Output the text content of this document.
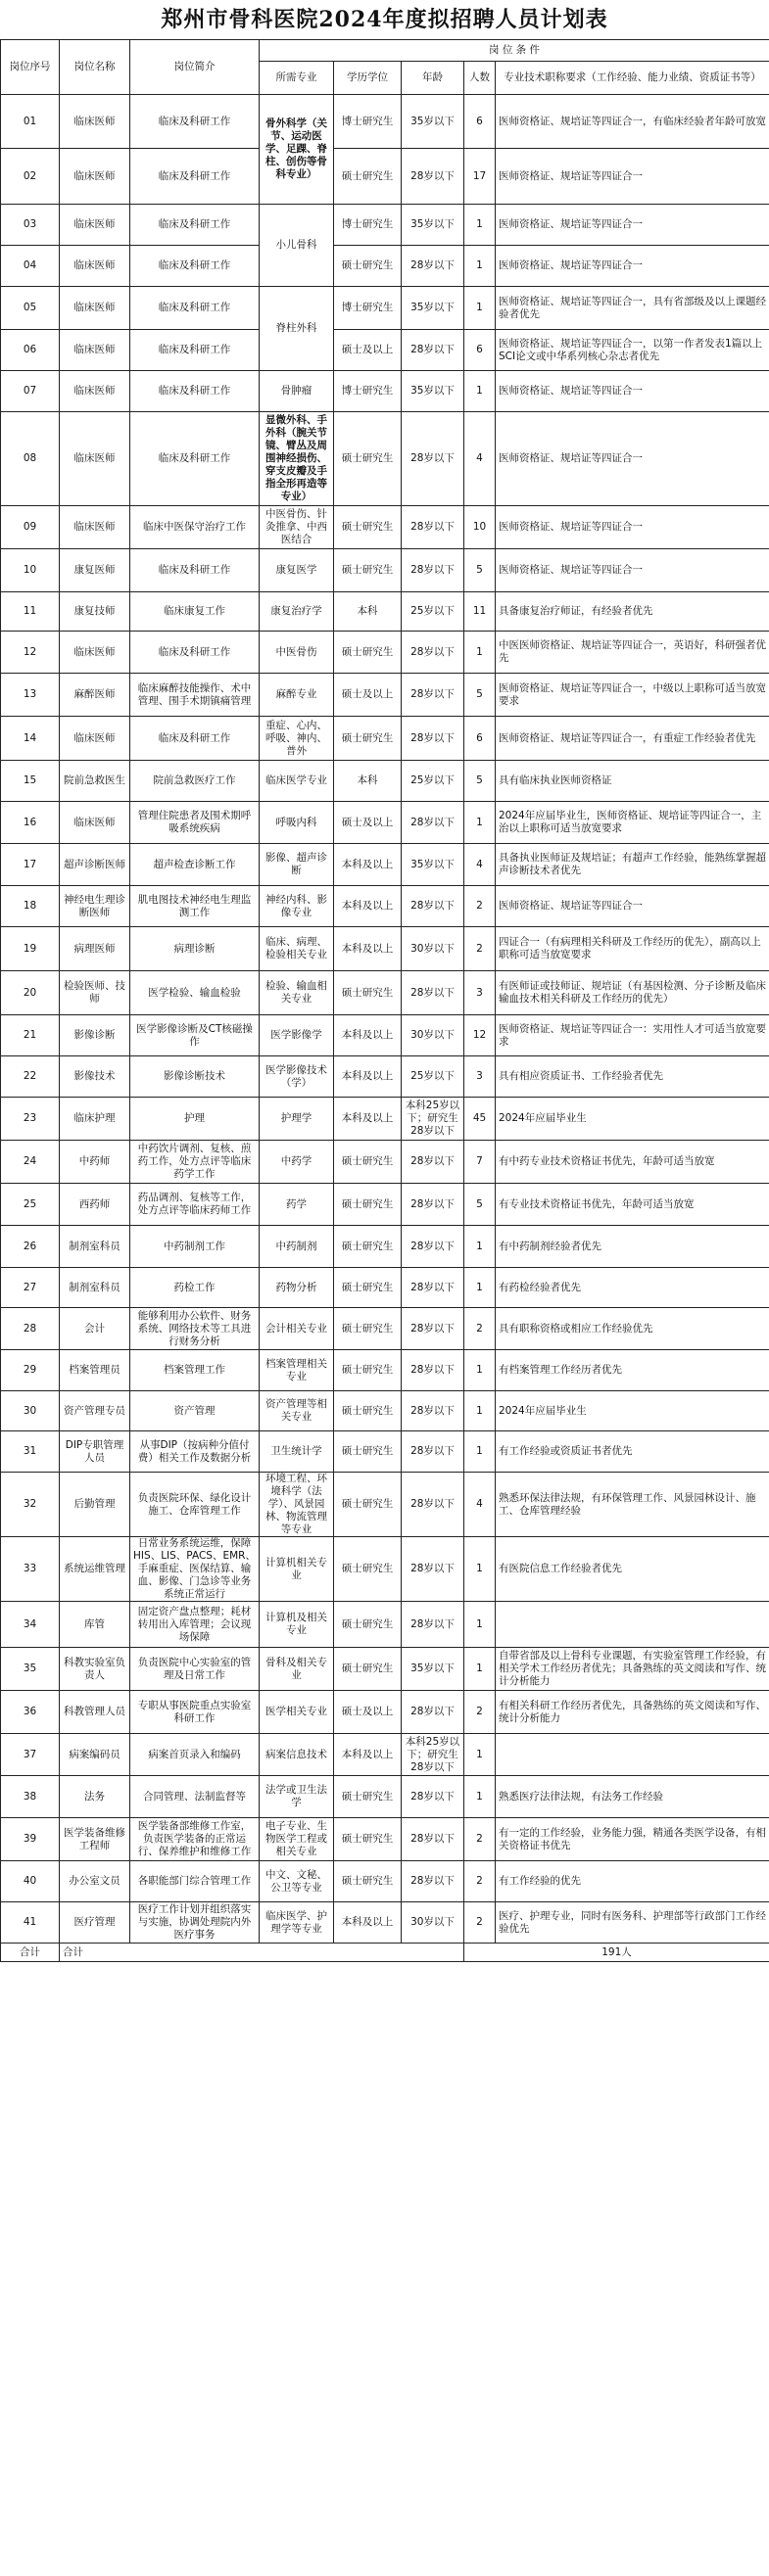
郑州市骨科医院2024年度拟招聘人员计划表
岗位序号	岗位名称	岗位简介	岗 位 条 件				
			所需专业	学历学位	年龄	人数	专业技术职称要求（工作经验、能力业绩、资质证书等）
01	临床医师	临床及科研工作	骨外科学（关节、运动医学、足踝、脊柱、创伤等骨科专业）	博士研究生	35岁以下	6	医师资格证、规培证等四证合一，有临床经验者年龄可放宽
02	临床医师	临床及科研工作		硕士研究生	28岁以下	17	医师资格证、规培证等四证合一
03	临床医师	临床及科研工作	小儿骨科	博士研究生	35岁以下	1	医师资格证、规培证等四证合一
04	临床医师	临床及科研工作		硕士研究生	28岁以下	1	医师资格证、规培证等四证合一
05	临床医师	临床及科研工作	脊柱外科	博士研究生	35岁以下	1	医师资格证、规培证等四证合一，具有省部级及以上课题经验者优先
06	临床医师	临床及科研工作		硕士及以上	28岁以下	6	医师资格证、规培证等四证合一，以第一作者发表1篇以上SCI论文或中华系列核心杂志者优先
07	临床医师	临床及科研工作	骨肿瘤	博士研究生	35岁以下	1	医师资格证、规培证等四证合一
08	临床医师	临床及科研工作	显微外科、手外科（腕关节镜、臂丛及周围神经损伤、穿支皮瓣及手指全形再造等专业）	硕士研究生	28岁以下	4	医师资格证、规培证等四证合一
09	临床医师	临床中医保守治疗工作	中医骨伤、针灸推拿、中西医结合	硕士研究生	28岁以下	10	医师资格证、规培证等四证合一
10	康复医师	临床及科研工作	康复医学	硕士研究生	28岁以下	5	医师资格证、规培证等四证合一
11	康复技师	临床康复工作	康复治疗学	本科	25岁以下	11	具备康复治疗师证，有经验者优先
12	临床医师	临床及科研工作	中医骨伤	硕士研究生	28岁以下	1	中医医师资格证、规培证等四证合一，英语好，科研强者优先
13	麻醉医师	临床麻醉技能操作、术中管理、围手术期镇痛管理	麻醉专业	硕士及以上	28岁以下	5	医师资格证、规培证等四证合一，中级以上职称可适当放宽要求
14	临床医师	临床及科研工作	重症、心内、呼吸、神内、普外	硕士研究生	28岁以下	6	医师资格证、规培证等四证合一，有重症工作经验者优先
15	院前急救医生	院前急救医疗工作	临床医学专业	本科	25岁以下	5	具有临床执业医师资格证
16	临床医师	管理住院患者及围术期呼吸系统疾病	呼吸内科	硕士及以上	28岁以下	1	2024年应届毕业生，医师资格证、规培证等四证合一，主治以上职称可适当放宽要求
17	超声诊断医师	超声检查诊断工作	影像、超声诊断	本科及以上	35岁以下	4	具备执业医师证及规培证；有超声工作经验，能熟练掌握超声诊断技术者优先
18	神经电生理诊断医师	肌电图技术神经电生理监测工作	神经内科、影像专业	本科及以上	28岁以下	2	医师资格证、规培证等四证合一
19	病理医师	病理诊断	临床、病理、检验相关专业	本科及以上	30岁以下	2	四证合一（有病理相关科研及工作经历的优先），副高以上职称可适当放宽要求
20	检验医师、技师	医学检验、输血检验	检验、输血相关专业	硕士研究生	28岁以下	3	有医师证或技师证、规培证（有基因检测、分子诊断及临床输血技术相关科研及工作经历的优先）
21	影像诊断	医学影像诊断及CT核磁操作	医学影像学	本科及以上	30岁以下	12	医师资格证、规培证等四证合一：实用性人才可适当放宽要求
22	影像技术	影像诊断技术	医学影像技术（学）	本科及以上	25岁以下	3	具有相应资质证书、工作经验者优先
23	临床护理	护理	护理学	本科及以上	本科25岁以下；研究生28岁以下	45	2024年应届毕业生
24	中药师	中药饮片调剂、复核、煎药工作，处方点评等临床药学工作	中药学	硕士研究生	28岁以下	7	有中药专业技术资格证书优先，年龄可适当放宽
25	西药师	药品调剂、复核等工作，处方点评等临床药师工作	药学	硕士研究生	28岁以下	5	有专业技术资格证书优先，年龄可适当放宽
26	制剂室科员	中药制剂工作	中药制剂	硕士研究生	28岁以下	1	有中药制剂经验者优先
27	制剂室科员	药检工作	药物分析	硕士研究生	28岁以下	1	有药检经验者优先
28	会计	能够利用办公软件、财务系统、网络技术等工具进行财务分析	会计相关专业	硕士研究生	28岁以下	2	具有职称资格或相应工作经验优先
29	档案管理员	档案管理工作	档案管理相关专业	硕士研究生	28岁以下	1	有档案管理工作经历者优先
30	资产管理专员	资产管理	资产管理等相关专业	硕士研究生	28岁以下	1	2024年应届毕业生
31	DIP专职管理人员	从事DIP（按病种分值付费）相关工作及数据分析	卫生统计学	硕士研究生	28岁以下	1	有工作经验或资质证书者优先
32	后勤管理	负责医院环保、绿化设计施工、仓库管理工作	环境工程、环境科学（法学）、风景园林、物流管理等专业	硕士研究生	28岁以下	4	熟悉环保法律法规，有环保管理工作、风景园林设计、施工、仓库管理经验
33	系统运维管理	日常业务系统运维，保障HIS、LIS、PACS、EMR、手麻重症、医保结算、输血、影像、门急诊等业务系统正常运行	计算机相关专业	硕士研究生	28岁以下	1	有医院信息工作经验者优先
34	库管	固定资产盘点整理；耗材转用出入库管理；会议现场保障	计算机及相关专业	硕士研究生	28岁以下	1	
35	科教实验室负责人	负责医院中心实验室的管理及日常工作	骨科及相关专业	硕士研究生	35岁以下	1	自带省部及以上骨科专业课题，有实验室管理工作经验，有相关学术工作经历者优先；具备熟练的英文阅读和写作、统计分析能力
36	科教管理人员	专职从事医院重点实验室科研工作	医学相关专业	硕士及以上	28岁以下	2	有相关科研工作经历者优先，具备熟练的英文阅读和写作、统计分析能力
37	病案编码员	病案首页录入和编码	病案信息技术	本科及以上	本科25岁以下；研究生28岁以下	1	
38	法务	合同管理、法制监督等	法学或卫生法学	硕士研究生	28岁以下	1	熟悉医疗法律法规，有法务工作经验
39	医学装备维修工程师	医学装备部维修工作室，负责医学装备的正常运行、保养维护和维修工作	电子专业、生物医学工程或相关专业	硕士研究生	28岁以下	2	有一定的工作经验，业务能力强，精通各类医学设备，有相关资格证书优先
40	办公室文员	各职能部门综合管理工作	中文、文秘、公卫等专业	硕士研究生	28岁以下	2	有工作经验的优先
41	医疗管理	医疗工作计划并组织落实与实施，协调处理院内外医疗事务	临床医学、护理学等专业	本科及以上	30岁以下	2	医疗、护理专业，同时有医务科、护理部等行政部门工作经验优先
合计	合计					191人	
